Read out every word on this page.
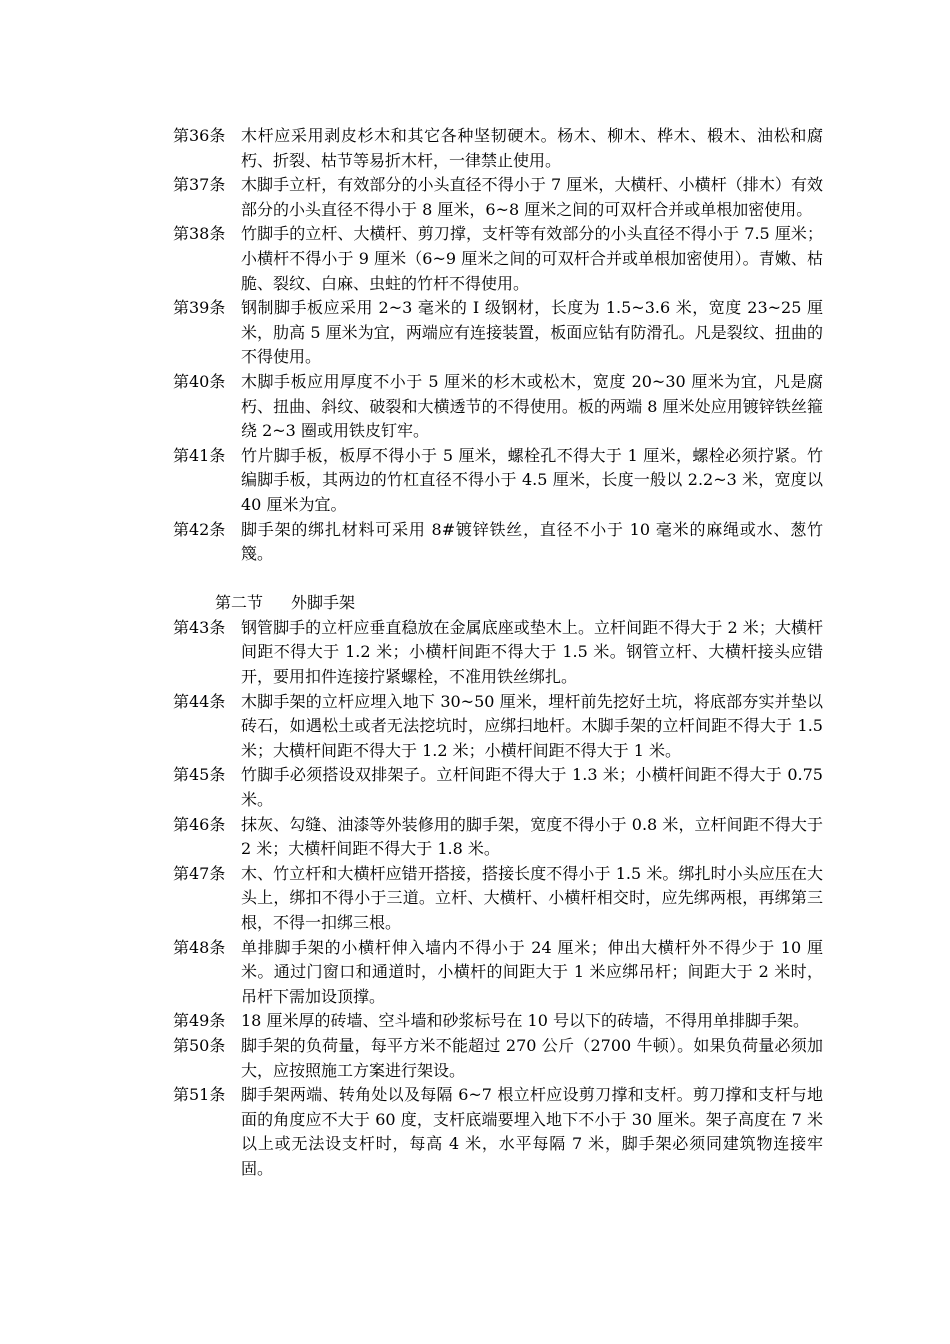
第36条 木杆应采用剥皮杉木和其它各种坚韧硬木。杨木、柳木、桦木、椴木、油松和腐朽、折裂、枯节等易折木杆，一律禁止使用。
第37条 木脚手立杆，有效部分的小头直径不得小于 7 厘米，大横杆、小横杆（排木）有效部分的小头直径不得小于 8 厘米，6~8 厘米之间的可双杆合并或单根加密使用。
第38条 竹脚手的立杆、大横杆、剪刀撑，支杆等有效部分的小头直径不得小于 7.5 厘米；小横杆不得小于 9 厘米（6~9 厘米之间的可双杆合并或单根加密使用）。青嫩、枯脆、裂纹、白麻、虫蛀的竹杆不得使用。
第39条 钢制脚手板应采用 2~3 毫米的 I 级钢材，长度为 1.5~3.6 米，宽度 23~25 厘米，肋高 5 厘米为宜，两端应有连接装置，板面应钻有防滑孔。凡是裂纹、扭曲的不得使用。
第40条 木脚手板应用厚度不小于 5 厘米的杉木或松木，宽度 20~30 厘米为宜，凡是腐朽、扭曲、斜纹、破裂和大横透节的不得使用。板的两端 8 厘米处应用镀锌铁丝箍绕 2~3 圈或用铁皮钉牢。
第41条 竹片脚手板，板厚不得小于 5 厘米，螺栓孔不得大于 1 厘米，螺栓必须拧紧。竹编脚手板，其两边的竹杠直径不得小于 4.5 厘米，长度一般以 2.2~3 米，宽度以 40 厘米为宜。
第42条 脚手架的绑扎材料可采用 8#镀锌铁丝，直径不小于 10 毫米的麻绳或水、葱竹篾。
第二节 外脚手架
第43条 钢管脚手的立杆应垂直稳放在金属底座或垫木上。立杆间距不得大于 2 米；大横杆间距不得大于 1.2 米；小横杆间距不得大于 1.5 米。钢管立杆、大横杆接头应错开，要用扣件连接拧紧螺栓，不准用铁丝绑扎。
第44条 木脚手架的立杆应埋入地下 30~50 厘米，埋杆前先挖好土坑，将底部夯实并垫以砖石，如遇松土或者无法挖坑时，应绑扫地杆。木脚手架的立杆间距不得大于 1.5 米；大横杆间距不得大于 1.2 米；小横杆间距不得大于 1 米。
第45条 竹脚手必须搭设双排架子。立杆间距不得大于 1.3 米；小横杆间距不得大于 0.75 米。
第46条 抹灰、勾缝、油漆等外装修用的脚手架，宽度不得小于 0.8 米，立杆间距不得大于 2 米；大横杆间距不得大于 1.8 米。
第47条 木、竹立杆和大横杆应错开搭接，搭接长度不得小于 1.5 米。绑扎时小头应压在大头上，绑扣不得小于三道。立杆、大横杆、小横杆相交时，应先绑两根，再绑第三根，不得一扣绑三根。
第48条 单排脚手架的小横杆伸入墙内不得小于 24 厘米；伸出大横杆外不得少于 10 厘米。通过门窗口和通道时，小横杆的间距大于 1 米应绑吊杆；间距大于 2 米时，吊杆下需加设顶撑。
第49条 18 厘米厚的砖墙、空斗墙和砂浆标号在 10 号以下的砖墙，不得用单排脚手架。
第50条 脚手架的负荷量，每平方米不能超过 270 公斤（2700 牛顿）。如果负荷量必须加大，应按照施工方案进行架设。
第51条 脚手架两端、转角处以及每隔 6~7 根立杆应设剪刀撑和支杆。剪刀撑和支杆与地面的角度应不大于 60 度，支杆底端要埋入地下不小于 30 厘米。架子高度在 7 米以上或无法设支杆时，每高 4 米，水平每隔 7 米，脚手架必须同建筑物连接牢固。
